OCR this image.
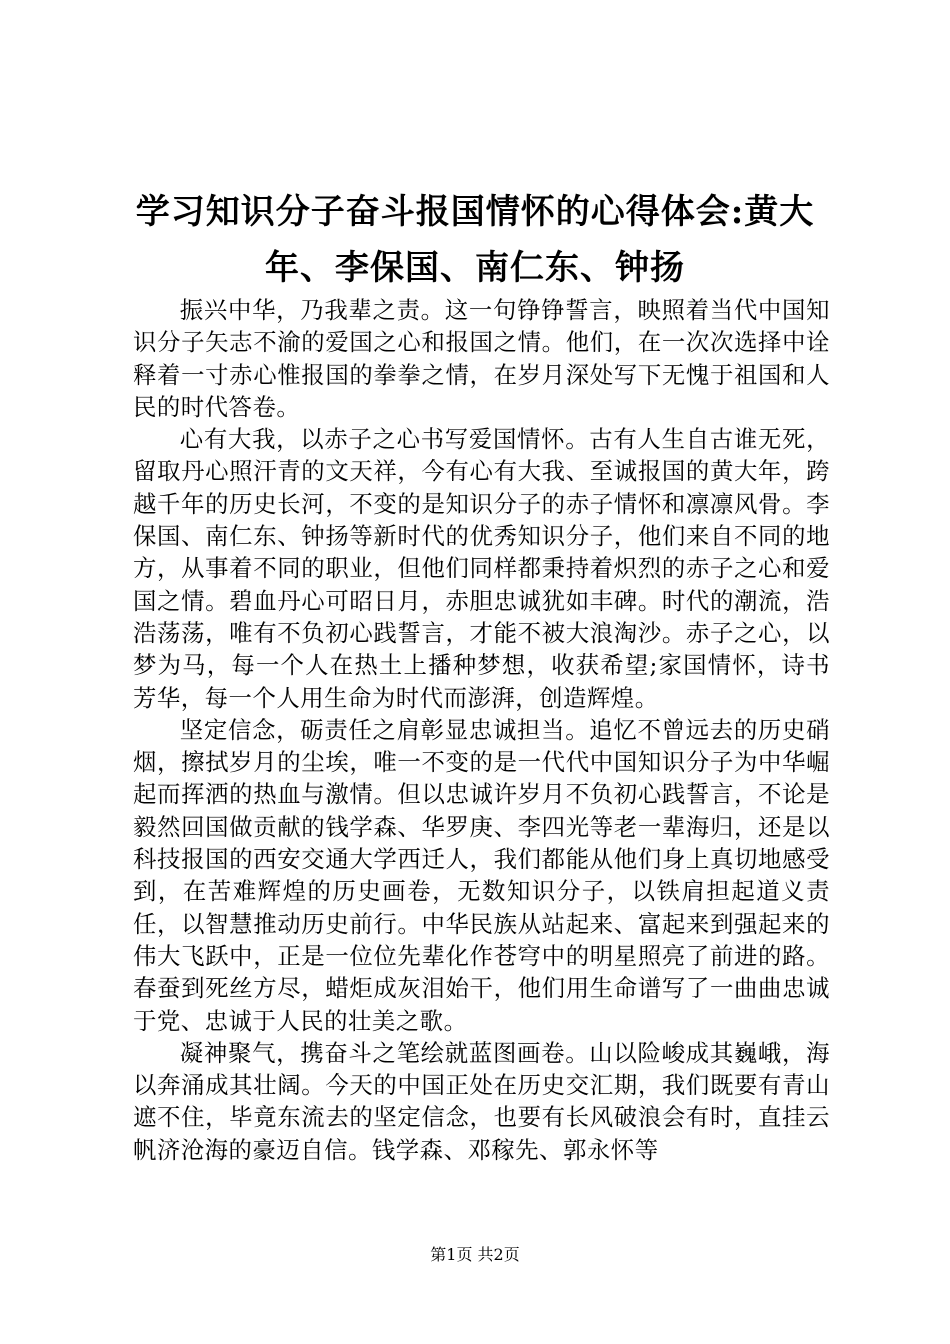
学习知识分子奋斗报国情怀的心得体会:黄大年、李保国、南仁东、钟扬

振兴中华，乃我辈之责。这一句铮铮誓言，映照着当代中国知识分子矢志不渝的爱国之心和报国之情。他们，在一次次选择中诠释着一寸赤心惟报国的拳拳之情，在岁月深处写下无愧于祖国和人民的时代答卷。

心有大我，以赤子之心书写爱国情怀。古有人生自古谁无死，留取丹心照汗青的文天祥，今有心有大我、至诚报国的黄大年，跨越千年的历史长河，不变的是知识分子的赤子情怀和凛凛风骨。李保国、南仁东、钟扬等新时代的优秀知识分子，他们来自不同的地方，从事着不同的职业，但他们同样都秉持着炽烈的赤子之心和爱国之情。碧血丹心可昭日月，赤胆忠诚犹如丰碑。时代的潮流，浩浩荡荡，唯有不负初心践誓言，才能不被大浪淘沙。赤子之心，以梦为马，每一个人在热土上播种梦想，收获希望;家国情怀，诗书芳华，每一个人用生命为时代而澎湃，创造辉煌。

坚定信念，砺责任之肩彰显忠诚担当。追忆不曾远去的历史硝烟，擦拭岁月的尘埃，唯一不变的是一代代中国知识分子为中华崛起而挥洒的热血与激情。但以忠诚许岁月不负初心践誓言，不论是毅然回国做贡献的钱学森、华罗庚、李四光等老一辈海归，还是以科技报国的西安交通大学西迁人，我们都能从他们身上真切地感受到，在苦难辉煌的历史画卷，无数知识分子，以铁肩担起道义责任，以智慧推动历史前行。中华民族从站起来、富起来到强起来的伟大飞跃中，正是一位位先辈化作苍穹中的明星照亮了前进的路。春蚕到死丝方尽，蜡炬成灰泪始干，他们用生命谱写了一曲曲忠诚于党、忠诚于人民的壮美之歌。

凝神聚气，携奋斗之笔绘就蓝图画卷。山以险峻成其巍峨，海以奔涌成其壮阔。今天的中国正处在历史交汇期，我们既要有青山遮不住，毕竟东流去的坚定信念，也要有长风破浪会有时，直挂云帆济沧海的豪迈自信。钱学森、邓稼先、郭永怀等

第1页 共2页
